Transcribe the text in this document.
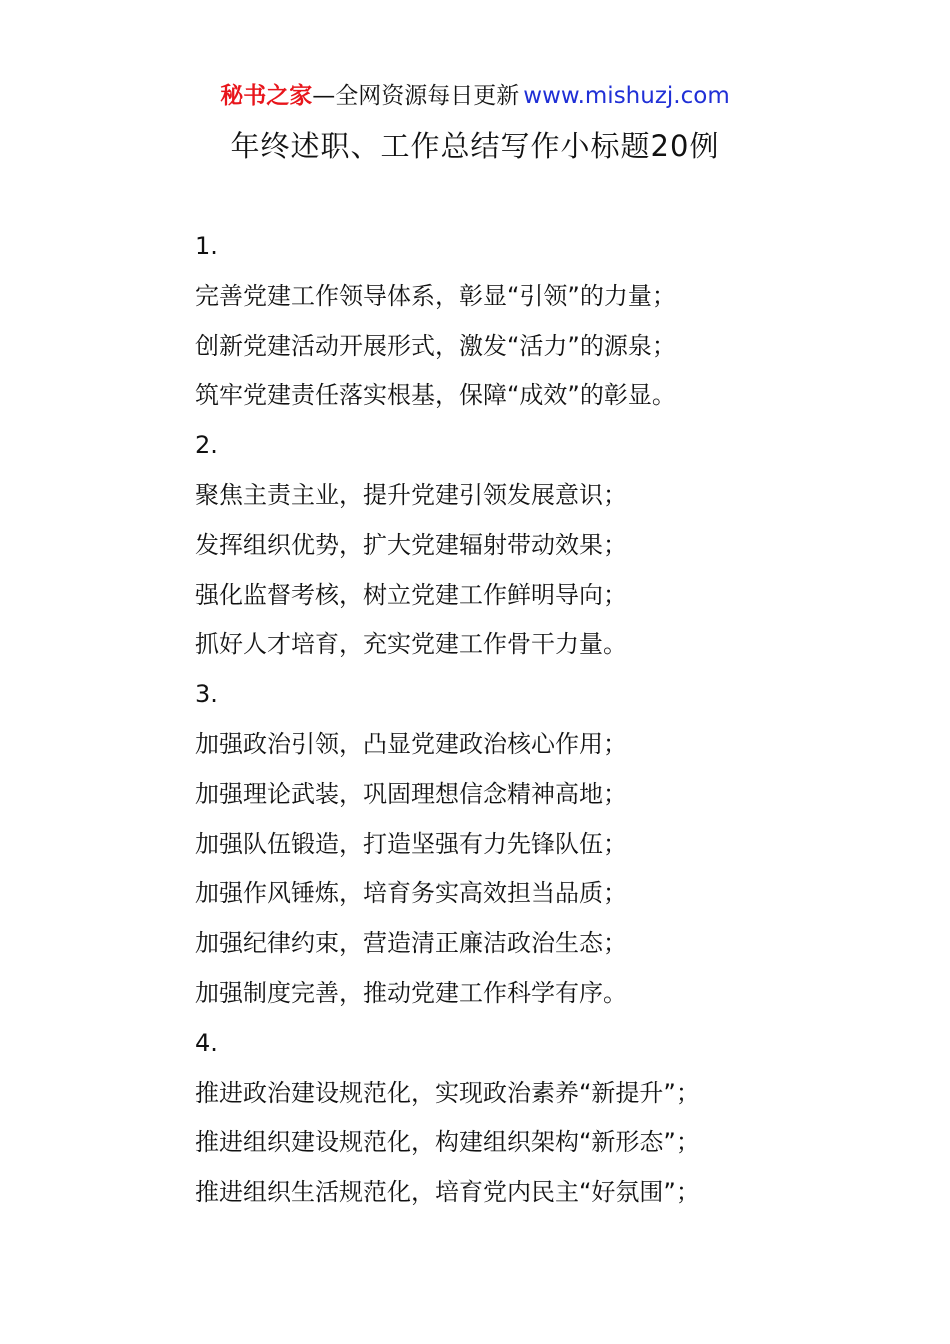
秘书之家—全网资源每日更新 www.mishuzj.com
年终述职、工作总结写作小标题20例
1.
完善党建工作领导体系，彰显“引领”的力量；
创新党建活动开展形式，激发“活力”的源泉；
筑牢党建责任落实根基，保障“成效”的彰显。
2.
聚焦主责主业，提升党建引领发展意识；
发挥组织优势，扩大党建辐射带动效果；
强化监督考核，树立党建工作鲜明导向；
抓好人才培育，充实党建工作骨干力量。
3.
加强政治引领，凸显党建政治核心作用；
加强理论武装，巩固理想信念精神高地；
加强队伍锻造，打造坚强有力先锋队伍；
加强作风锤炼，培育务实高效担当品质；
加强纪律约束，营造清正廉洁政治生态；
加强制度完善，推动党建工作科学有序。
4.
推进政治建设规范化，实现政治素养“新提升”；
推进组织建设规范化，构建组织架构“新形态”；
推进组织生活规范化，培育党内民主“好氛围”；
